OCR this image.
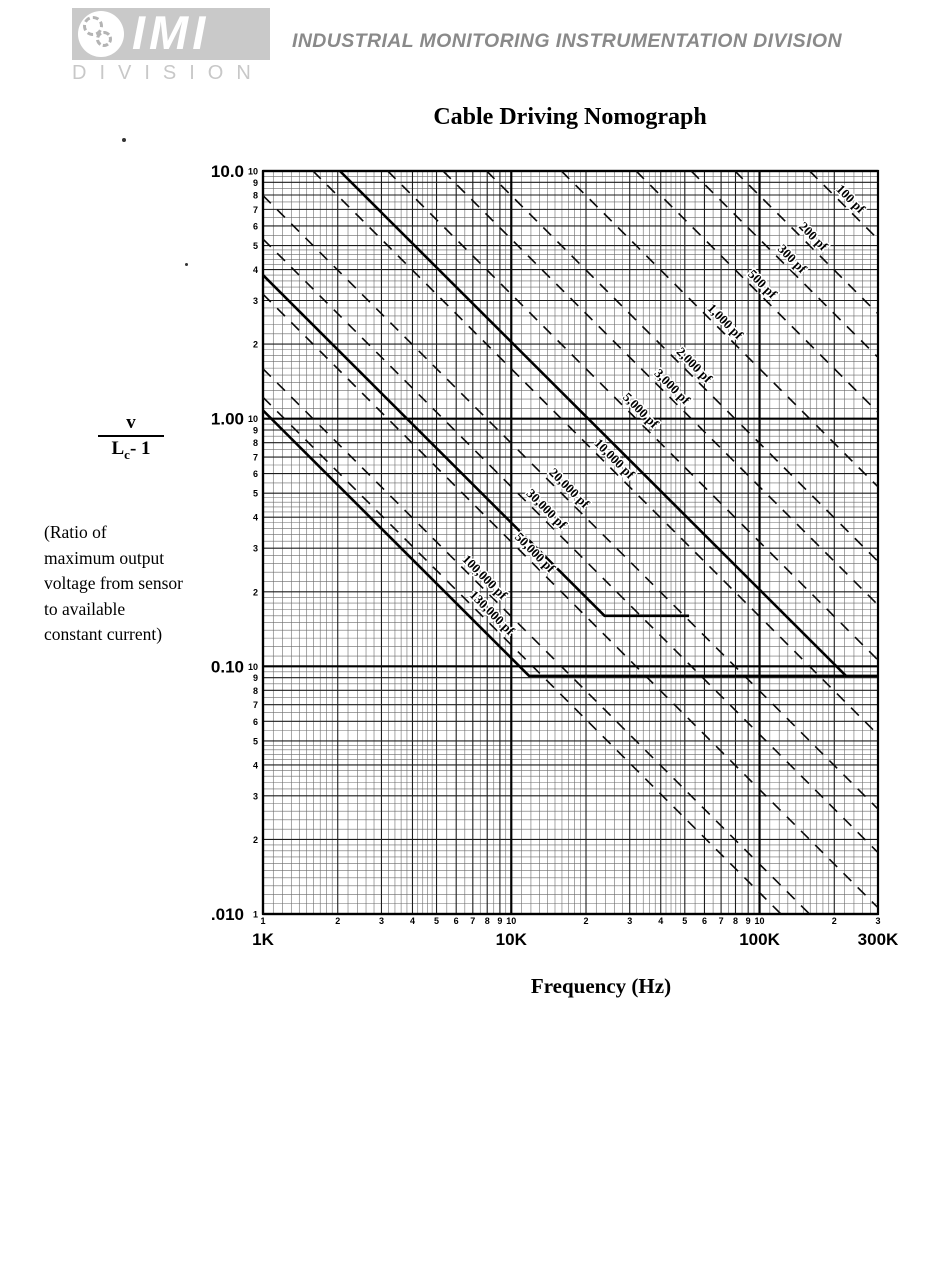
IMI
DIVISION
INDUSTRIAL MONITORING INSTRUMENTATION DIVISION
Cable Driving Nomograph
$\frac{v}{L_c- 1}$
(Ratio of
maximum output
voltage from sensor
to available
constant current)
Frequency (Hz)
100 pf
200 pf
300 pf
500 pf
1,000 pf
2,000 pf
3,000 pf
5,000 pf
10,000 pf
20,000 pf
30,000 pf
50,000 pf
100,000 pf
130,000 pf
1	2	3	4 5 6 7 8 9 10	2	3	4 5 6 7 8 9 10	2	3
1K	10K	100K	300K
10
9
8
7
6
5
4
3
2
10
9
8
7
6
5
4
3
2
10
9
8
7
6
5
4
3
2
1
10.0
1.00
0.10
.010
